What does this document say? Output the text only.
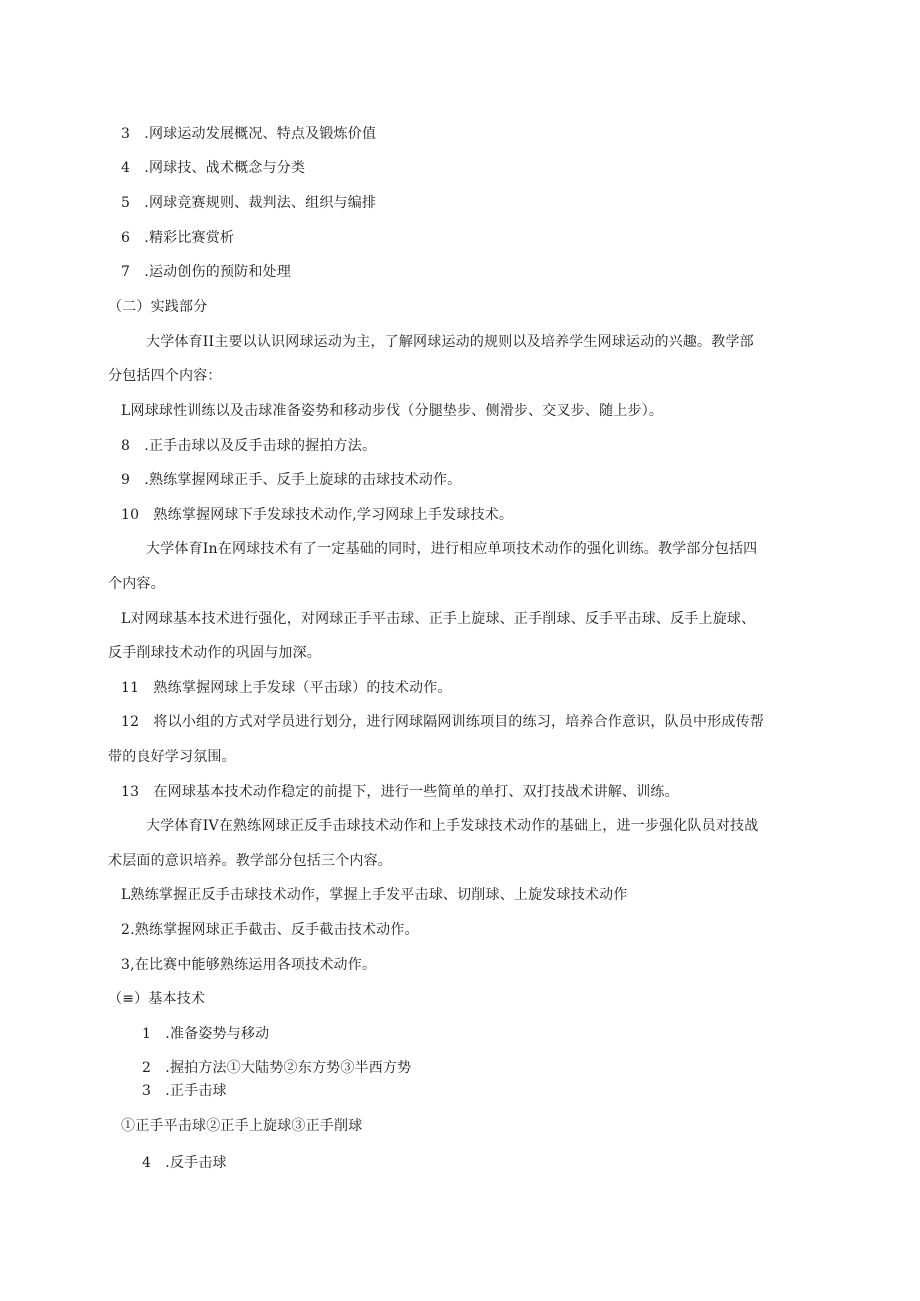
3　.网球运动发展概况、特点及锻炼价值
4　.网球技、战术概念与分类
5　.网球竞赛规则、裁判法、组织与编排
6　.精彩比赛赏析
7　.运动创伤的预防和处理
（二）实践部分
大学体育II主要以认识网球运动为主，了解网球运动的规则以及培养学生网球运动的兴趣。教学部
分包括四个内容：
L网球球性训练以及击球准备姿势和移动步伐（分腿垫步、侧滑步、交叉步、随上步）。
8　.正手击球以及反手击球的握拍方法。
9　.熟练掌握网球正手、反手上旋球的击球技术动作。
10　熟练掌握网球下手发球技术动作,学习网球上手发球技术。
大学体育In在网球技术有了一定基础的同时，进行相应单项技术动作的强化训练。教学部分包括四
个内容。
L对网球基本技术进行强化，对网球正手平击球、正手上旋球、正手削球、反手平击球、反手上旋球、
反手削球技术动作的巩固与加深。
11　熟练掌握网球上手发球（平击球）的技术动作。
12　将以小组的方式对学员进行划分，进行网球隔网训练项目的练习，培养合作意识，队员中形成传帮
带的良好学习氛围。
13　在网球基本技术动作稳定的前提下，进行一些简单的单打、双打技战术讲解、训练。
大学体育IV在熟练网球正反手击球技术动作和上手发球技术动作的基础上，进一步强化队员对技战
术层面的意识培养。教学部分包括三个内容。
L熟练掌握正反手击球技术动作，掌握上手发平击球、切削球、上旋发球技术动作
2.熟练掌握网球正手截击、反手截击技术动作。
3,在比赛中能够熟练运用各项技术动作。
（≡）基本技术
1　.准备姿势与移动
2　.握拍方法①大陆势②东方势③半西方势
3　.正手击球
①正手平击球②正手上旋球③正手削球
4　.反手击球
